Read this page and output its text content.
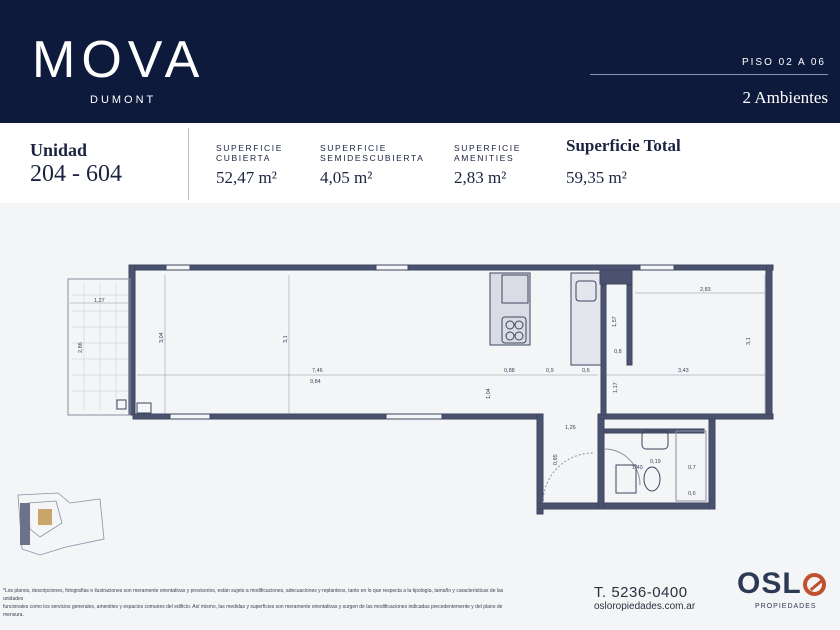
MOVA
DUMONT
PISO 02 A 06
2 Ambientes
Unidad
204 - 604
SUPERFICIE
CUBIERTA
52,47 m²
SUPERFICIE
SEMIDESCUBIERTA
4,05 m²
SUPERFICIE
AMENITIES
2,83 m²
Superficie Total
59,35 m²
1,27
2,86
3,04	3,1
7,46
9,84
0,88	0,9	0,6
1,04
1,57
0,8
1,17
2,83
3,1
3,43
1,26
0,85
1,40
0,19
0,7
0,6
*Los planos, descripciones, fotografías e ilustraciones son meramente orientativas y provisorios, están sujeto a modificaciones, adecuaciones y replanteos, tanto en lo que respecta a la tipología, tamaño y características de las unidades
funcionales como los servicios generales, amenities y espacios comunes del edificio. Así mismo, las medidas y superficies son meramente orientativas y surgen de las modificaciones indicadas precedentemente y del plano de mensura.
T. 5236-0400
osloropiedades.com.ar
OSL
PROPIEDADES
